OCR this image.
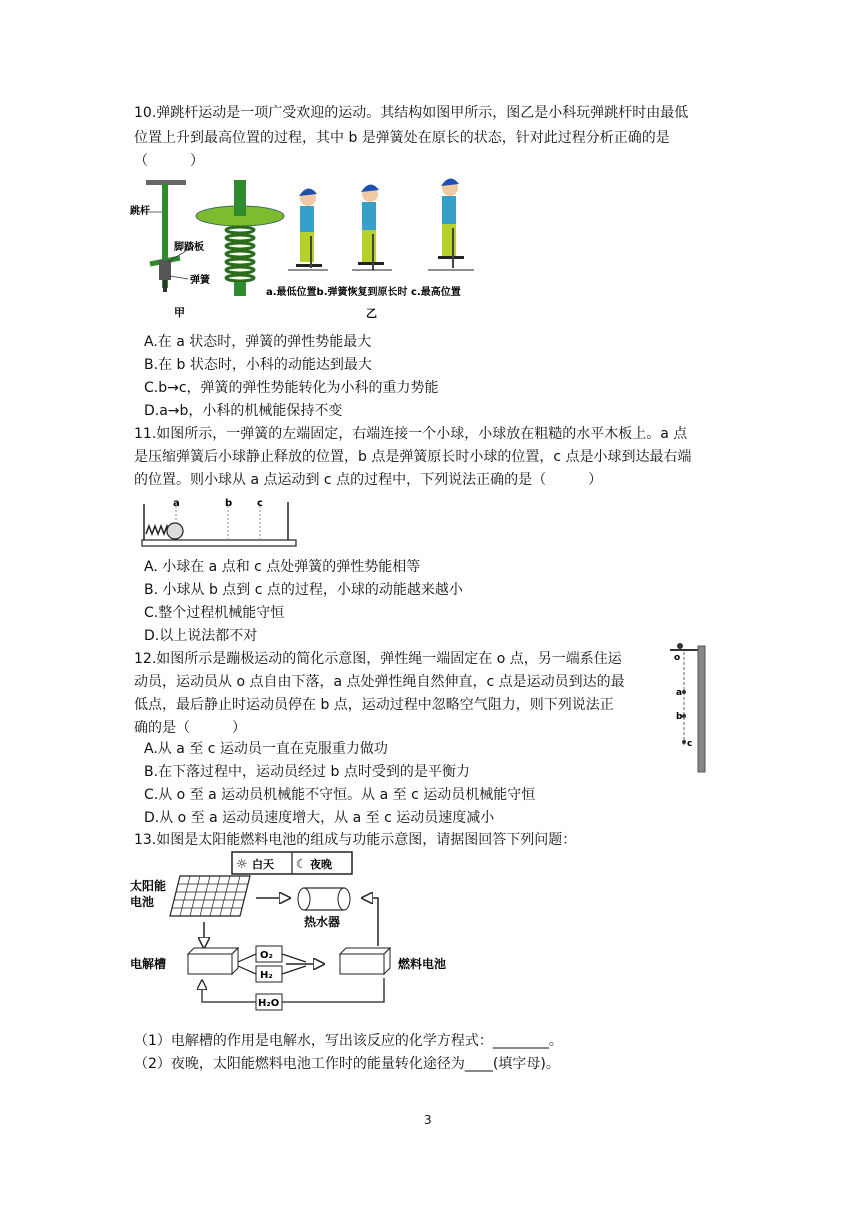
10.弹跳杆运动是一项广受欢迎的运动。其结构如图甲所示，图乙是小科玩弹跳杆时由最低
位置上升到最高位置的过程，其中 b 是弹簧处在原长的状态，针对此过程分析正确的是
（　　　）
跳杆
脚踏板
弹簧
甲
a.最低位置b.弹簧恢复到原长时 c.最高位置
乙
A.在 a 状态时，弹簧的弹性势能最大
B.在 b 状态时，小科的动能达到最大
C.b→c，弹簧的弹性势能转化为小科的重力势能
D.a→b，小科的机械能保持不变
11.如图所示，一弹簧的左端固定，右端连接一个小球，小球放在粗糙的水平木板上。a 点
是压缩弹簧后小球静止释放的位置，b 点是弹簧原长时小球的位置，c 点是小球到达最右端
的位置。则小球从 a 点运动到 c 点的过程中，下列说法正确的是（　　　）
a	b c
A. 小球在 a 点和 c 点处弹簧的弹性势能相等
B. 小球从 b 点到 c 点的过程，小球的动能越来越小
C.整个过程机械能守恒
D.以上说法都不对
12.如图所示是蹦极运动的简化示意图，弹性绳一端固定在 o 点，另一端系住运
动员，运动员从 o 点自由下落，a 点处弹性绳自然伸直，c 点是运动员到达的最
低点，最后静止时运动员停在 b 点，运动过程中忽略空气阻力，则下列说法正
确的是（　　　）
o
a
b
c
A.从 a 至 c 运动员一直在克服重力做功
B.在下落过程中，运动员经过 b 点时受到的是平衡力
C.从 o 至 a 运动员机械能不守恒。从 a 至 c 运动员机械能守恒
D.从 o 至 a 运动员速度增大，从 a 至 c 运动员速度减小
13.如图是太阳能燃料电池的组成与功能示意图，请据图回答下列问题：
☼ 白天 ☾ 夜晚
太阳能
电池
热水器
电解槽
O₂
H₂
燃料电池
H₂O
（1）电解槽的作用是电解水，写出该反应的化学方程式：________。
（2）夜晚，太阳能燃料电池工作时的能量转化途径为____(填字母)。
3
